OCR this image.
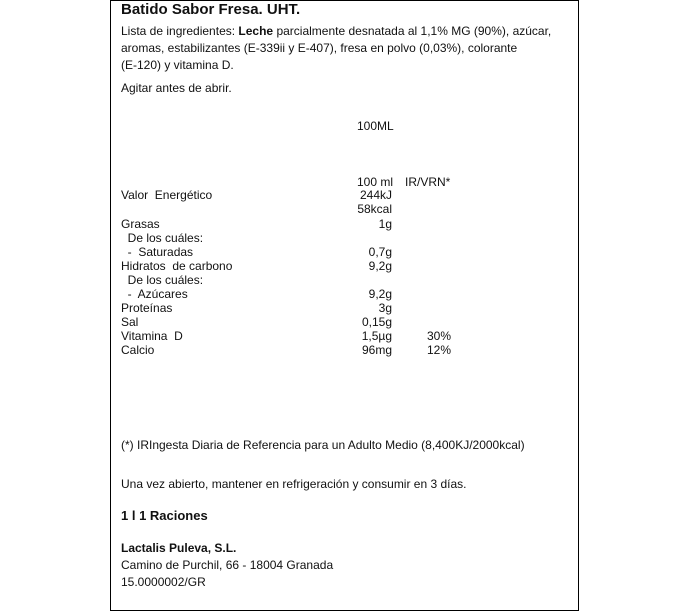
Batido Sabor Fresa. UHT.
Lista de ingredientes: Leche parcialmente desnatada al 1,1% MG (90%), azúcar,
aromas, estabilizantes (E-339ii y E-407), fresa en polvo (0,03%), colorante
(E-120) y vitamina D.
Agitar antes de abrir.
100ML
100 ml IR/VRN*
Valor  Energético	244kJ
58kcal
Grasas	1g
De los cuáles:
-  Saturadas	0,7g
Hidratos  de carbono	9,2g
De los cuáles:
-  Azúcares	9,2g
Proteínas	3g
Sal	0,15g
Vitamina  D	1,5µg	30%
Calcio	96mg	12%
(*) IRIngesta Diaria de Referencia para un Adulto Medio (8,400KJ/2000kcal)
Una vez abierto, mantener en refrigeración y consumir en 3 días.
1 l 1 Raciones
Lactalis Puleva, S.L.
Camino de Purchil, 66 - 18004 Granada
15.0000002/GR
